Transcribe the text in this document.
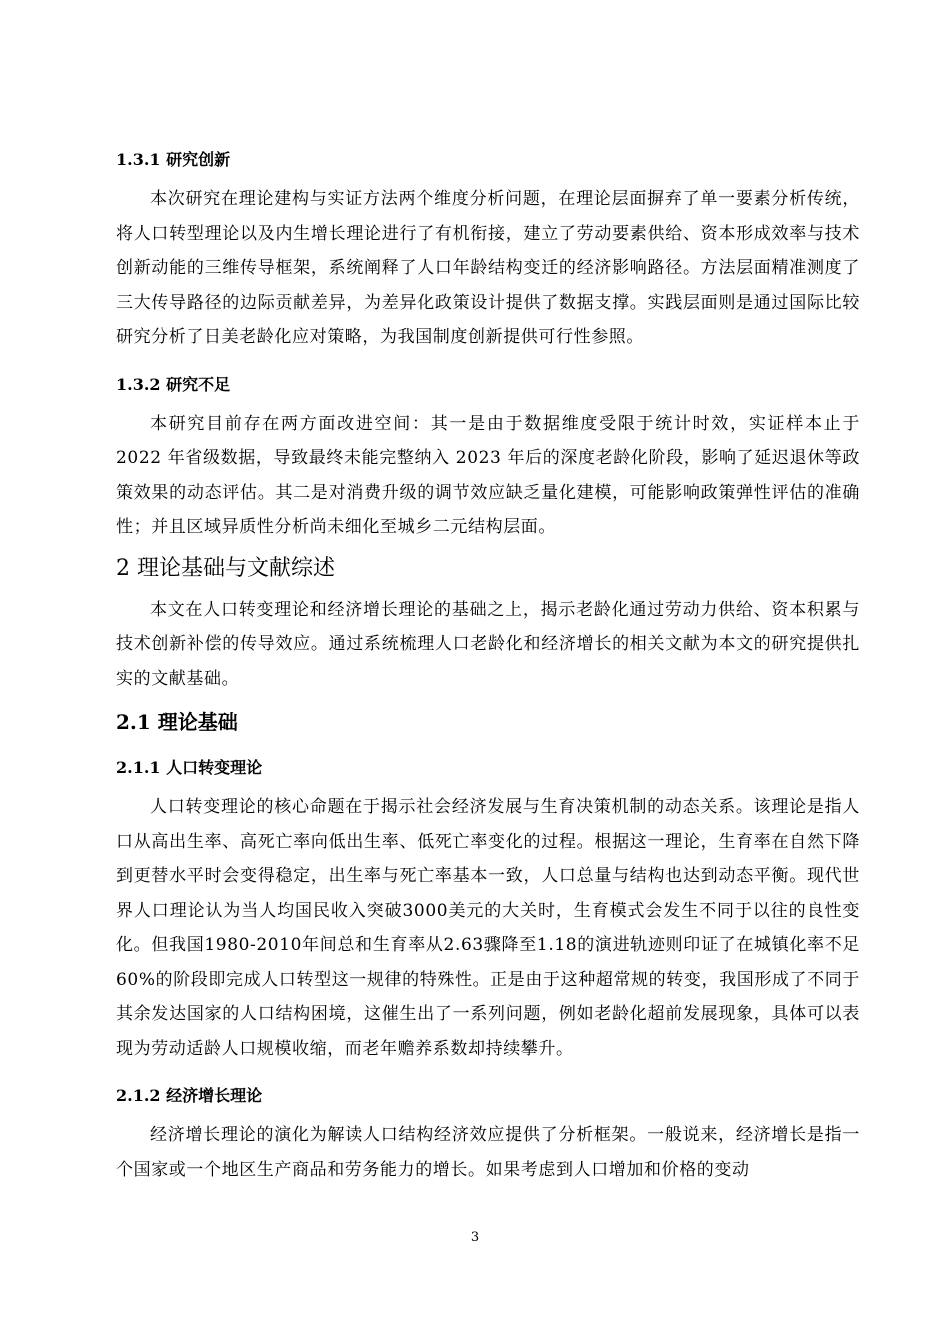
1.3.1 研究创新

本次研究在理论建构与实证方法两个维度分析问题，在理论层面摒弃了单一要素分析传统，将人口转型理论以及内生增长理论进行了有机衔接，建立了劳动要素供给、资本形成效率与技术创新动能的三维传导框架，系统阐释了人口年龄结构变迁的经济影响路径。方法层面精准测度了三大传导路径的边际贡献差异，为差异化政策设计提供了数据支撑。实践层面则是通过国际比较研究分析了日美老龄化应对策略，为我国制度创新提供可行性参照。

1.3.2 研究不足

本研究目前存在两方面改进空间：其一是由于数据维度受限于统计时效，实证样本止于 2022 年省级数据，导致最终未能完整纳入 2023 年后的深度老龄化阶段，影响了延迟退休等政策效果的动态评估。其二是对消费升级的调节效应缺乏量化建模，可能影响政策弹性评估的准确性；并且区域异质性分析尚未细化至城乡二元结构层面。

2 理论基础与文献综述

本文在人口转变理论和经济增长理论的基础之上，揭示老龄化通过劳动力供给、资本积累与技术创新补偿的传导效应。通过系统梳理人口老龄化和经济增长的相关文献为本文的研究提供扎实的文献基础。

2.1 理论基础
2.1.1 人口转变理论

人口转变理论的核心命题在于揭示社会经济发展与生育决策机制的动态关系。该理论是指人口从高出生率、高死亡率向低出生率、低死亡率变化的过程。根据这一理论，生育率在自然下降到更替水平时会变得稳定，出生率与死亡率基本一致，人口总量与结构也达到动态平衡。现代世界人口理论认为当人均国民收入突破3000美元的大关时，生育模式会发生不同于以往的良性变化。但我国1980-2010年间总和生育率从2.63骤降至1.18的演进轨迹则印证了在城镇化率不足60%的阶段即完成人口转型这一规律的特殊性。正是由于这种超常规的转变，我国形成了不同于其余发达国家的人口结构困境，这催生出了一系列问题，例如老龄化超前发展现象，具体可以表现为劳动适龄人口规模收缩，而老年赡养系数却持续攀升。

2.1.2 经济增长理论

经济增长理论的演化为解读人口结构经济效应提供了分析框架。一般说来，经济增长是指一个国家或一个地区生产商品和劳务能力的增长。如果考虑到人口增加和价格的变动

3
